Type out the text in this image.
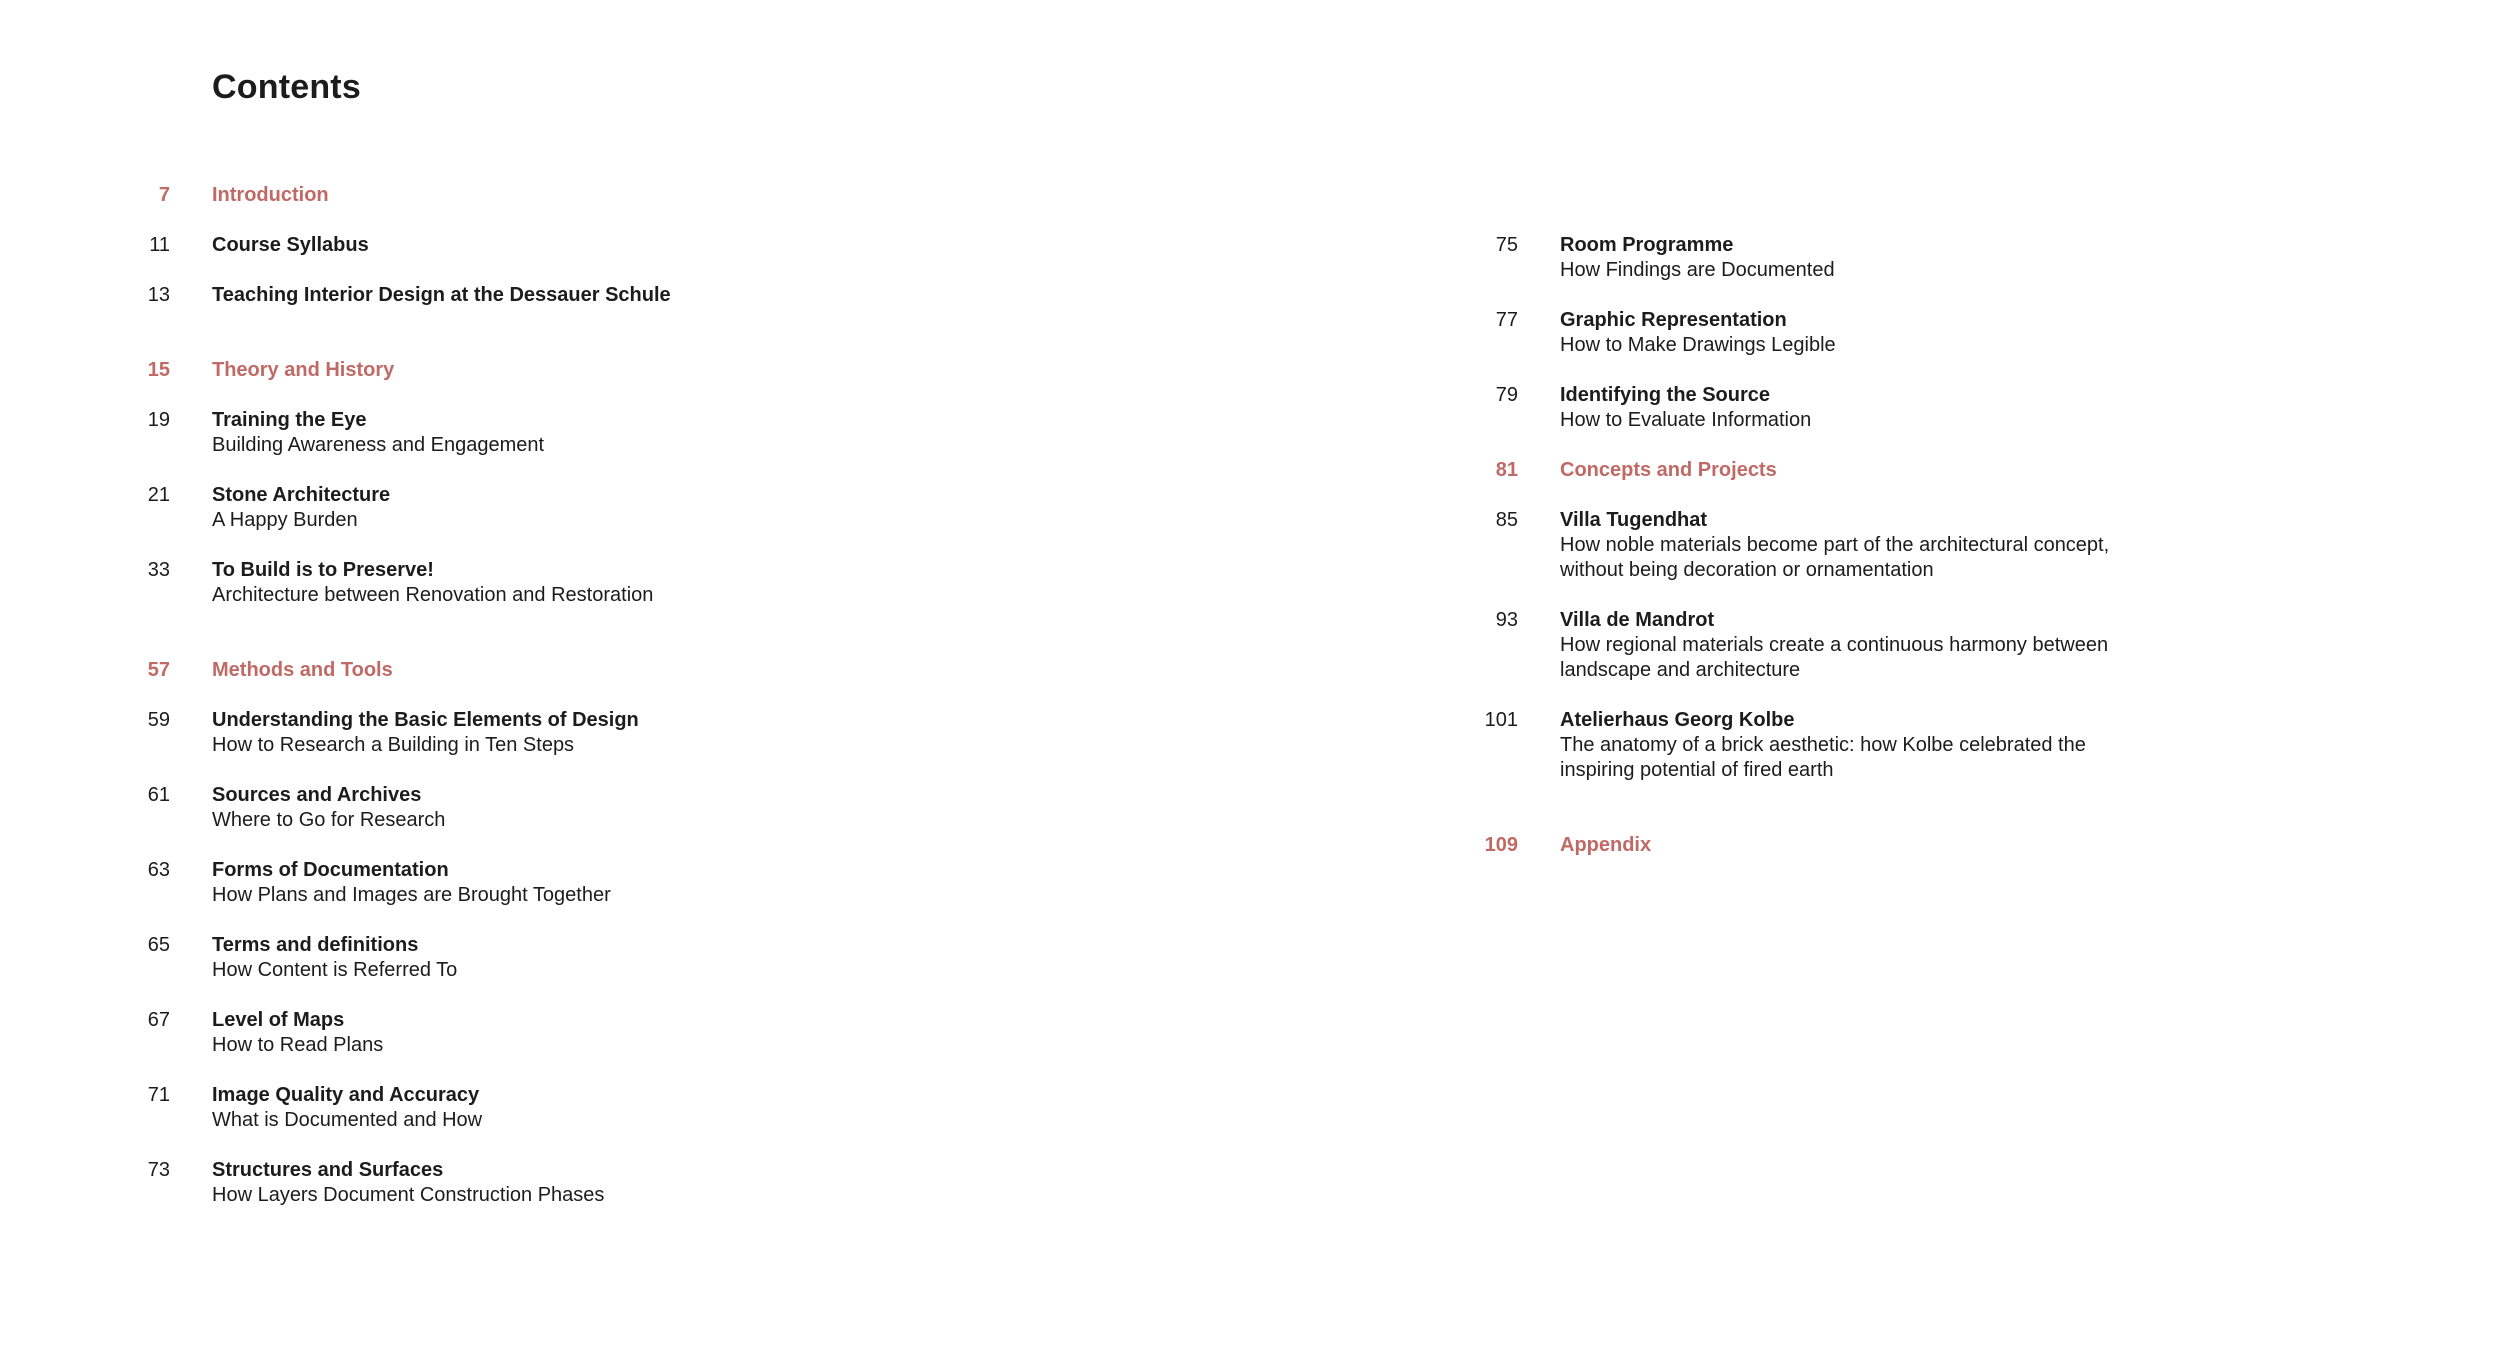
Contents
7 Introduction
11 Course Syllabus
13 Teaching Interior Design at the Dessauer Schule
15 Theory and History
19 Training the Eye
Building Awareness and Engagement
21 Stone Architecture
A Happy Burden
33 To Build is to Preserve!
Architecture between Renovation and Restoration
57 Methods and Tools
59 Understanding the Basic Elements of Design
How to Research a Building in Ten Steps
61 Sources and Archives
Where to Go for Research
63 Forms of Documentation
How Plans and Images are Brought Together
65 Terms and definitions
How Content is Referred To
67 Level of Maps
How to Read Plans
71 Image Quality and Accuracy
What is Documented and How
73 Structures and Surfaces
How Layers Document Construction Phases
75 Room Programme
How Findings are Documented
77 Graphic Representation
How to Make Drawings Legible
79 Identifying the Source
How to Evaluate Information
81 Concepts and Projects
85 Villa Tugendhat
How noble materials become part of the architectural concept,
without being decoration or ornamentation
93 Villa de Mandrot
How regional materials create a continuous harmony between
landscape and architecture
101 Atelierhaus Georg Kolbe
The anatomy of a brick aesthetic: how Kolbe celebrated the
inspiring potential of fired earth
109 Appendix
